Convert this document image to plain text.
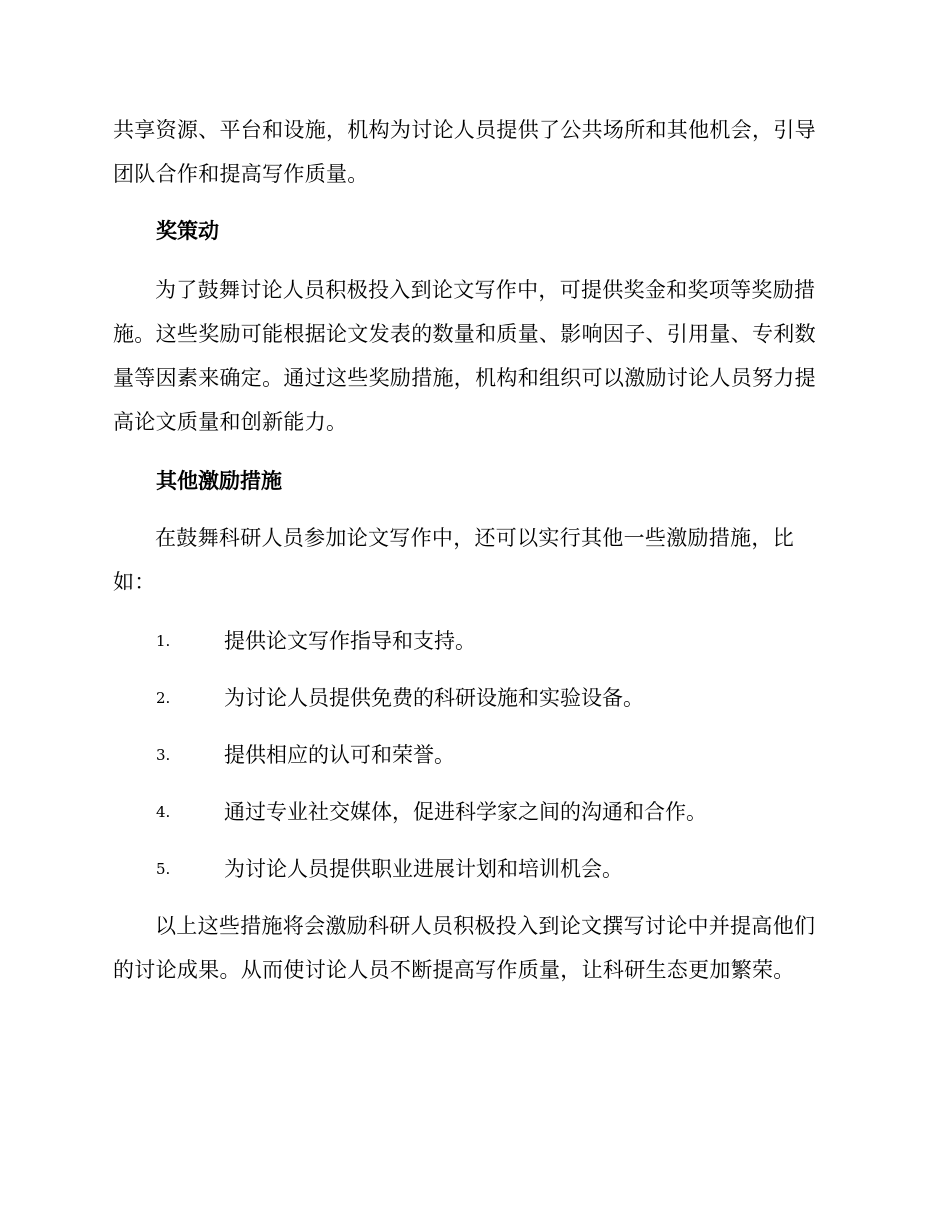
共享资源、平台和设施，机构为讨论人员提供了公共场所和其他机会，引导团队合作和提高写作质量。

奖策动

为了鼓舞讨论人员积极投入到论文写作中，可提供奖金和奖项等奖励措施。这些奖励可能根据论文发表的数量和质量、影响因子、引用量、专利数量等因素来确定。通过这些奖励措施，机构和组织可以激励讨论人员努力提高论文质量和创新能力。

其他激励措施

在鼓舞科研人员参加论文写作中，还可以实行其他一些激励措施，比如：

1.	提供论文写作指导和支持。
2.	为讨论人员提供免费的科研设施和实验设备。
3.	提供相应的认可和荣誉。
4.	通过专业社交媒体，促进科学家之间的沟通和合作。
5.	为讨论人员提供职业进展计划和培训机会。

以上这些措施将会激励科研人员积极投入到论文撰写讨论中并提高他们的讨论成果。从而使讨论人员不断提高写作质量，让科研生态更加繁荣。
